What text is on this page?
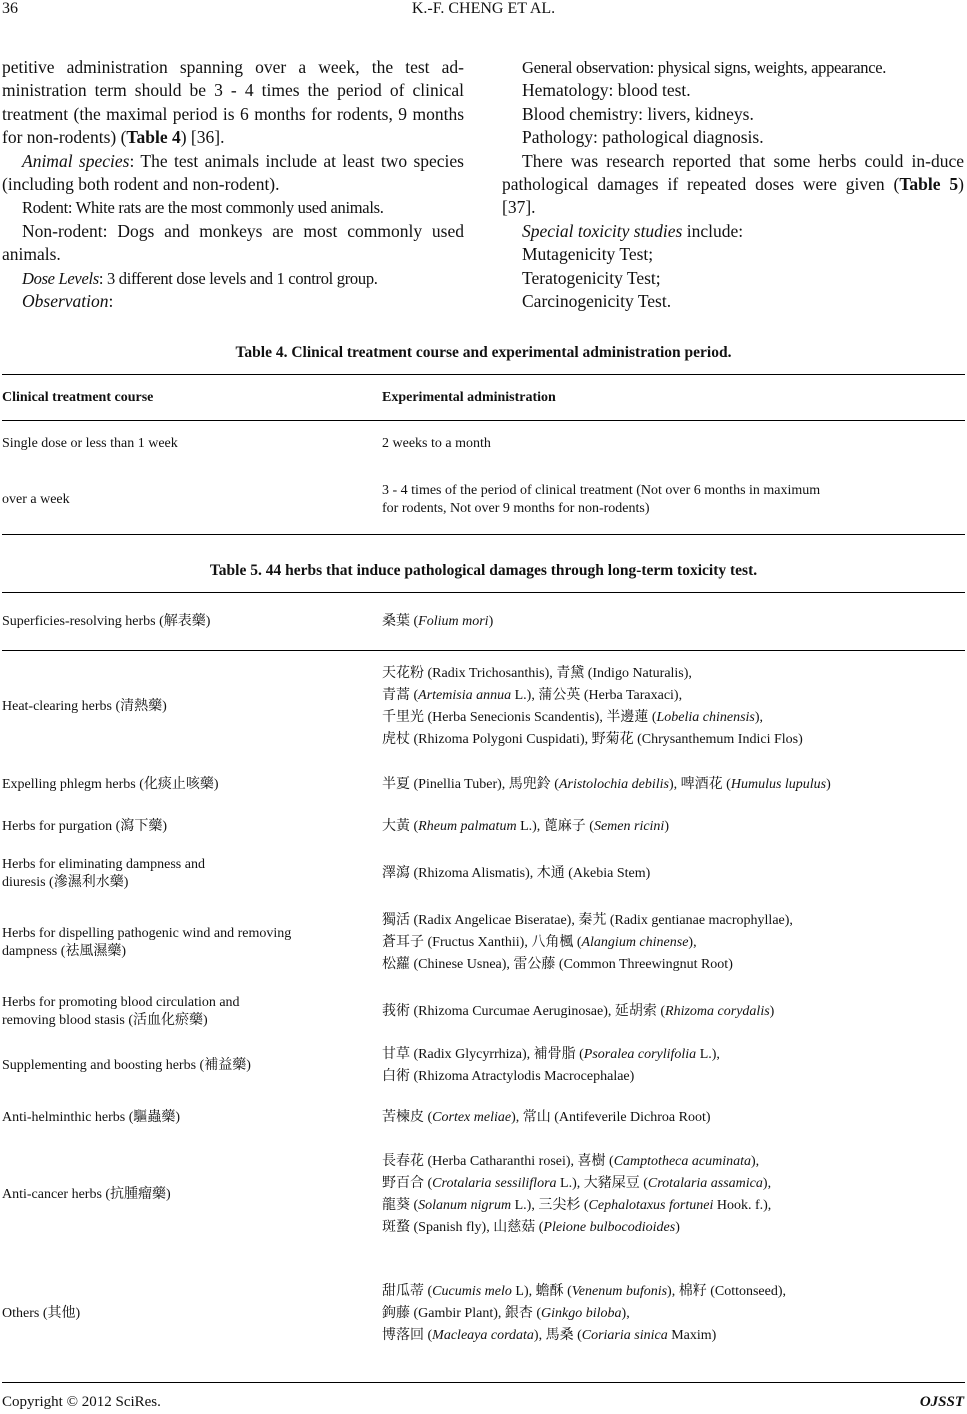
36	K.-F. CHENG ET AL.

petitive administration spanning over a week, the test ad-ministration term should be 3 - 4 times the period of clinical treatment (the maximal period is 6 months for rodents, 9 months for non-rodents) (Table 4) [36].

Animal species: The test animals include at least two species (including both rodent and non-rodent).

Rodent: White rats are the most commonly used animals.

Non-rodent: Dogs and monkeys are most commonly used animals.

Dose Levels: 3 different dose levels and 1 control group.

Observation:

General observation: physical signs, weights, appearance.

Hematology: blood test.

Blood chemistry: livers, kidneys.

Pathology: pathological diagnosis.

There was research reported that some herbs could in-duce pathological damages if repeated doses were given (Table 5) [37].

Special toxicity studies include:

Mutagenicity Test;

Teratogenicity Test;

Carcinogenicity Test.

Table 4. Clinical treatment course and experimental administration period.
Clinical treatment course	Experimental administration
Single dose or less than 1 week	2 weeks to a month
over a week	3 - 4 times of the period of clinical treatment (Not over 6 months in maximum
for rodents, Not over 9 months for non-rodents)
Table 5. 44 herbs that induce pathological damages through long-term toxicity test.
Superficies-resolving herbs (解表藥)	桑葉 (Folium mori)

Heat-clearing herbs (清熱藥)	天花粉 (Radix Trichosanthis), 青黛 (Indigo Naturalis),
青蒿 (Artemisia annua L.), 蒲公英 (Herba Taraxaci),
千里光 (Herba Senecionis Scandentis), 半邊蓮 (Lobelia chinensis),
虎杖 (Rhizoma Polygoni Cuspidati), 野菊花 (Chrysanthemum Indici Flos)

Expelling phlegm herbs (化痰止咳藥)	半夏 (Pinellia Tuber), 馬兜鈴 (Aristolochia debilis), 啤酒花 (Humulus lupulus)

Herbs for purgation (瀉下藥)	大黃 (Rheum palmatum L.), 蓖麻子 (Semen ricini)

Herbs for eliminating dampness and
diuresis (滲濕利水藥)	澤瀉 (Rhizoma Alismatis), 木通 (Akebia Stem)

Herbs for dispelling pathogenic wind and removing
dampness (祛風濕藥)	獨活 (Radix Angelicae Biseratae), 秦艽 (Radix gentianae macrophyllae),
蒼耳子 (Fructus Xanthii), 八角楓 (Alangium chinense),
松蘿 (Chinese Usnea), 雷公藤 (Common Threewingnut Root)

Herbs for promoting blood circulation and
removing blood stasis (活血化瘀藥)	莪術 (Rhizoma Curcumae Aeruginosae), 延胡索 (Rhizoma corydalis)

Supplementing and boosting herbs (補益藥)	甘草 (Radix Glycyrrhiza), 補骨脂 (Psoralea corylifolia L.),
白術 (Rhizoma Atractylodis Macrocephalae)

Anti-helminthic herbs (驅蟲藥)	苦楝皮 (Cortex meliae), 常山 (Antifeverile Dichroa Root)

Anti-cancer herbs (抗腫瘤藥)	長春花 (Herba Catharanthi rosei), 喜樹 (Camptotheca acuminata),
野百合 (Crotalaria sessiliflora L.), 大豬屎豆 (Crotalaria assamica),
龍葵 (Solanum nigrum L.), 三尖杉 (Cephalotaxus fortunei Hook. f.),
斑蝥 (Spanish fly), 山慈菇 (Pleione bulbocodioides)

Others (其他)	甜瓜蒂 (Cucumis melo L), 蟾酥 (Venenum bufonis), 棉籽 (Cottonseed),
鉤藤 (Gambir Plant), 銀杏 (Ginkgo biloba),
博落回 (Macleaya cordata), 馬桑 (Coriaria sinica Maxim)
Copyright © 2012 SciRes.	OJSST
